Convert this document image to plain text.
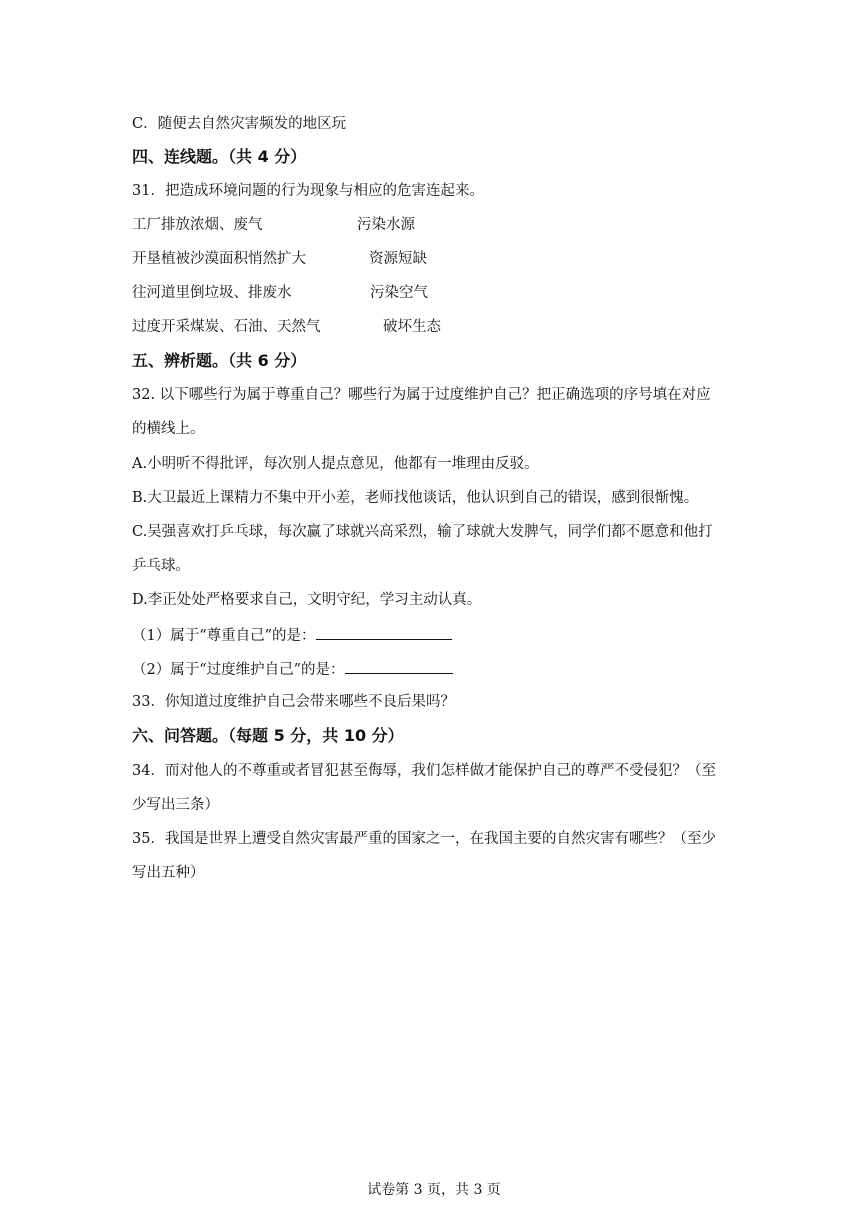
C．随便去自然灾害频发的地区玩
四、连线题。（共 4 分）
31．把造成环境问题的行为现象与相应的危害连起来。
工厂排放浓烟、废气	污染水源
开垦植被沙漠面积悄然扩大	资源短缺
往河道里倒垃圾、排废水	污染空气
过度开采煤炭、石油、天然气	破坏生态
五、辨析题。（共 6 分）
32. 以下哪些行为属于尊重自己？哪些行为属于过度维护自己？把正确选项的序号填在对应
的横线上。
A.小明听不得批评，每次别人提点意见，他都有一堆理由反驳。
B.大卫最近上课精力不集中开小差，老师找他谈话，他认识到自己的错误，感到很惭愧。
C.吴强喜欢打乒乓球，每次赢了球就兴高采烈，输了球就大发脾气，同学们都不愿意和他打
乒乓球。
D.李正处处严格要求自己，文明守纪，学习主动认真。
（1）属于“尊重自己”的是：
（2）属于“过度维护自己”的是：
33．你知道过度维护自己会带来哪些不良后果吗？
六、问答题。（每题 5 分，共 10 分）
34．而对他人的不尊重或者冒犯甚至侮辱，我们怎样做才能保护自己的尊严不受侵犯？（至
少写出三条）
35．我国是世界上遭受自然灾害最严重的国家之一，在我国主要的自然灾害有哪些？（至少
写出五种）
试卷第 3 页，共 3 页
